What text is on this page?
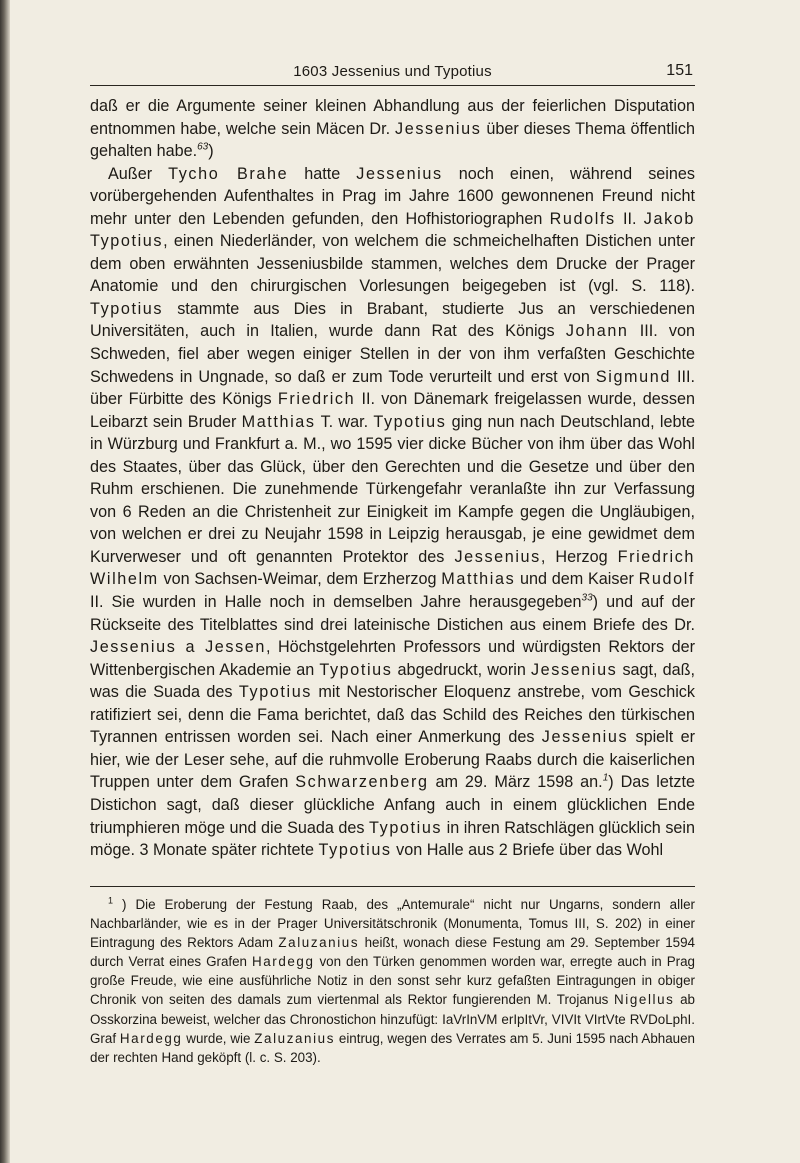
1603 Jessenius und Typotius	151

daß er die Argumente seiner kleinen Abhandlung aus der feierlichen Disputation entnommen habe, welche sein Mäcen Dr. Jessenius über dieses Thema öffentlich gehalten habe.$^{63}$)

Außer Tycho Brahe hatte Jessenius noch einen, während seines vorübergehenden Aufenthaltes in Prag im Jahre 1600 gewonnenen Freund nicht mehr unter den Lebenden gefunden, den Hofhistoriographen Rudolfs II. Jakob Typotius, einen Niederländer, von welchem die schmeichelhaften Distichen unter dem oben erwähnten Jesseniusbilde stammen, welches dem Drucke der Prager Anatomie und den chirurgischen Vorlesungen beigegeben ist (vgl. S. 118). Typotius stammte aus Dies in Brabant, studierte Jus an verschiedenen Universitäten, auch in Italien, wurde dann Rat des Königs Johann III. von Schweden, fiel aber wegen einiger Stellen in der von ihm verfaßten Geschichte Schwedens in Ungnade, so daß er zum Tode verurteilt und erst von Sigmund III. über Fürbitte des Königs Friedrich II. von Dänemark freigelassen wurde, dessen Leibarzt sein Bruder Matthias T. war. Typotius ging nun nach Deutschland, lebte in Würzburg und Frankfurt a. M., wo 1595 vier dicke Bücher von ihm über das Wohl des Staates, über das Glück, über den Gerechten und die Gesetze und über den Ruhm erschienen. Die zunehmende Türkengefahr veranlaßte ihn zur Verfassung von 6 Reden an die Christenheit zur Einigkeit im Kampfe gegen die Ungläubigen, von welchen er drei zu Neujahr 1598 in Leipzig herausgab, je eine gewidmet dem Kurverweser und oft genannten Protektor des Jessenius, Herzog Friedrich Wilhelm von Sachsen-Weimar, dem Erzherzog Matthias und dem Kaiser Rudolf II. Sie wurden in Halle noch in demselben Jahre herausgegeben$^{33}$) und auf der Rückseite des Titelblattes sind drei lateinische Distichen aus einem Briefe des Dr. Jessenius a Jessen, Höchstgelehrten Professors und würdigsten Rektors der Wittenbergischen Akademie an Typotius abgedruckt, worin Jessenius sagt, daß, was die Suada des Typotius mit Nestorischer Eloquenz anstrebe, vom Geschick ratifiziert sei, denn die Fama berichtet, daß das Schild des Reiches den türkischen Tyrannen entrissen worden sei. Nach einer Anmerkung des Jessenius spielt er hier, wie der Leser sehe, auf die ruhmvolle Eroberung Raabs durch die kaiserlichen Truppen unter dem Grafen Schwarzenberg am 29. März 1598 an.$^1$) Das letzte Distichon sagt, daß dieser glückliche Anfang auch in einem glücklichen Ende triumphieren möge und die Suada des Typotius in ihren Ratschlägen glücklich sein möge. 3 Monate später richtete Typotius von Halle aus 2 Briefe über das Wohl

$^1$ ) Die Eroberung der Festung Raab, des „Antemurale“ nicht nur Ungarns, sondern aller Nachbarländer, wie es in der Prager Universitätschronik (Monumenta, Tomus III, S. 202) in einer Eintragung des Rektors Adam Zaluzanius heißt, wonach diese Festung am 29. September 1594 durch Verrat eines Grafen Hardegg von den Türken genommen worden war, erregte auch in Prag große Freude, wie eine ausführliche Notiz in den sonst sehr kurz gefaßten Eintragungen in obiger Chronik von seiten des damals zum viertenmal als Rektor fungierenden M. Trojanus Nigellus ab Osskorzina beweist, welcher das Chronostichon hinzufügt: IaVrInVM erIpItVr, VIVIt VIrtVte RVDoLphI. Graf Hardegg wurde, wie Zaluzanius eintrug, wegen des Verrates am 5. Juni 1595 nach Abhauen der rechten Hand geköpft (l. c. S. 203).
